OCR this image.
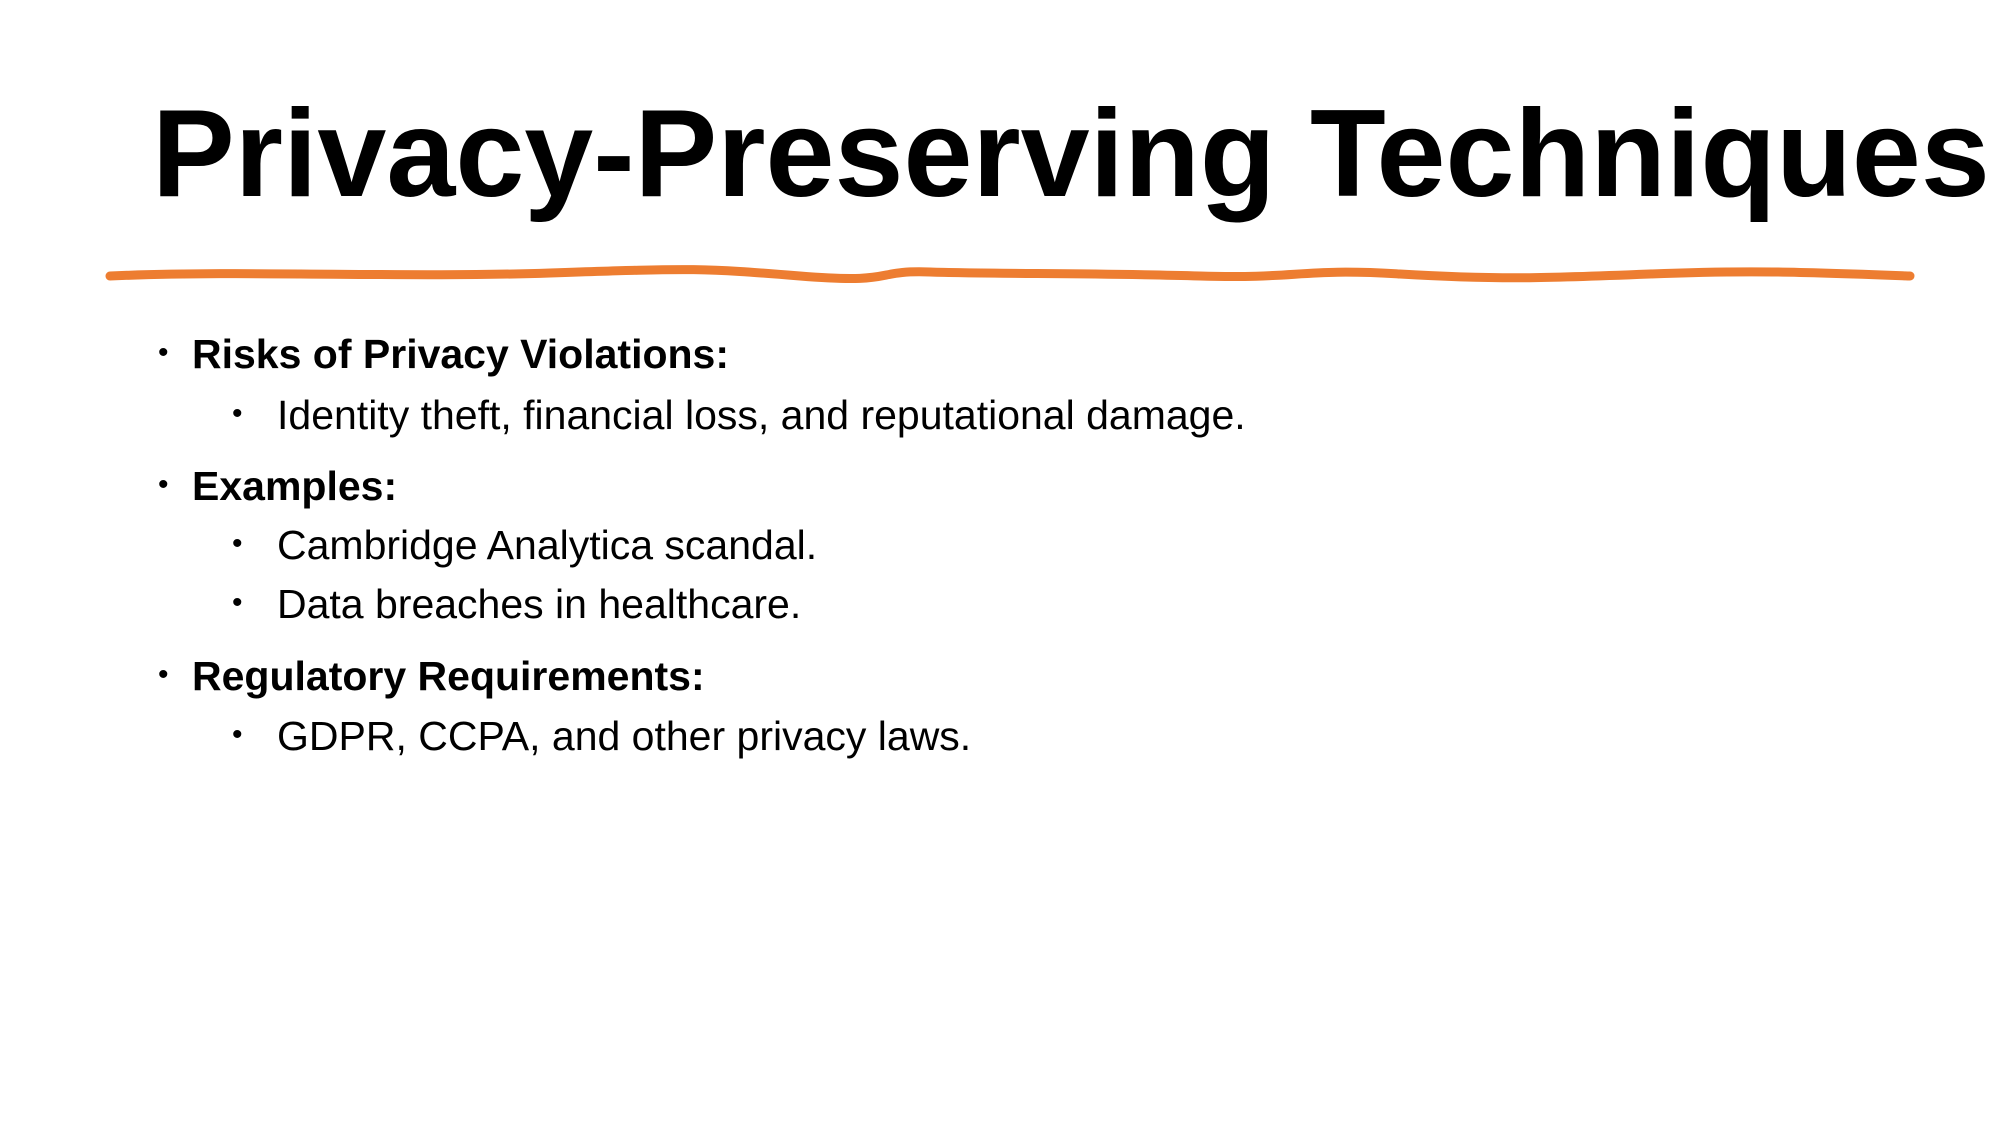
Privacy-Preserving Techniques
• Risks of Privacy Violations:
• Identity theft, financial loss, and reputational damage.
• Examples:
• Cambridge Analytica scandal.
• Data breaches in healthcare.
• Regulatory Requirements:
• GDPR, CCPA, and other privacy laws.
